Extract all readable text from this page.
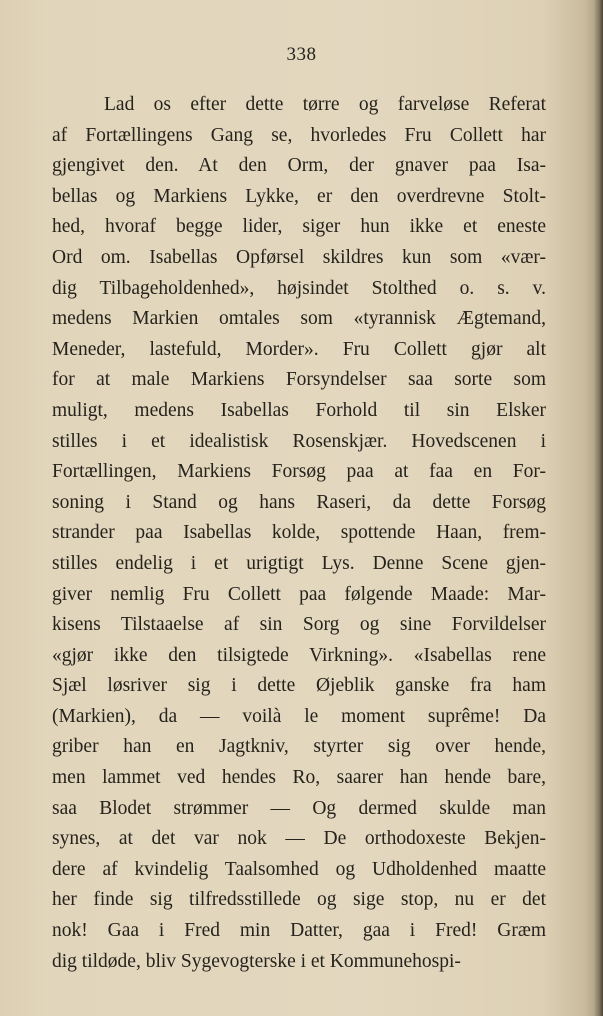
338
Lad os efter dette tørre og farveløse Referat
af Fortællingens Gang se, hvorledes Fru Collett har
gjengivet den. At den Orm, der gnaver paa Isa-
bellas og Markiens Lykke, er den overdrevne Stolt-
hed, hvoraf begge lider, siger hun ikke et eneste
Ord om. Isabellas Opførsel skildres kun som «vær-
dig Tilbageholdenhed», højsindet Stolthed o. s. v.
medens Markien omtales som «tyrannisk Ægtemand,
Meneder, lastefuld, Morder». Fru Collett gjør alt
for at male Markiens Forsyndelser saa sorte som
muligt, medens Isabellas Forhold til sin Elsker
stilles i et idealistisk Rosenskjær. Hovedscenen i
Fortællingen, Markiens Forsøg paa at faa en For-
soning i Stand og hans Raseri, da dette Forsøg
strander paa Isabellas kolde, spottende Haan, frem-
stilles endelig i et urigtigt Lys. Denne Scene gjen-
giver nemlig Fru Collett paa følgende Maade: Mar-
kisens Tilstaaelse af sin Sorg og sine Forvildelser
«gjør ikke den tilsigtede Virkning». «Isabellas rene
Sjæl løsriver sig i dette Øjeblik ganske fra ham
(Markien), da — voilà le moment suprême! Da
griber han en Jagtkniv, styrter sig over hende,
men lammet ved hendes Ro, saarer han hende bare,
saa Blodet strømmer — Og dermed skulde man
synes, at det var nok — De orthodoxeste Bekjen-
dere af kvindelig Taalsomhed og Udholdenhed maatte
her finde sig tilfredsstillede og sige stop, nu er det
nok! Gaa i Fred min Datter, gaa i Fred! Græm
dig tildøde, bliv Sygevogterske i et Kommunehospi-
